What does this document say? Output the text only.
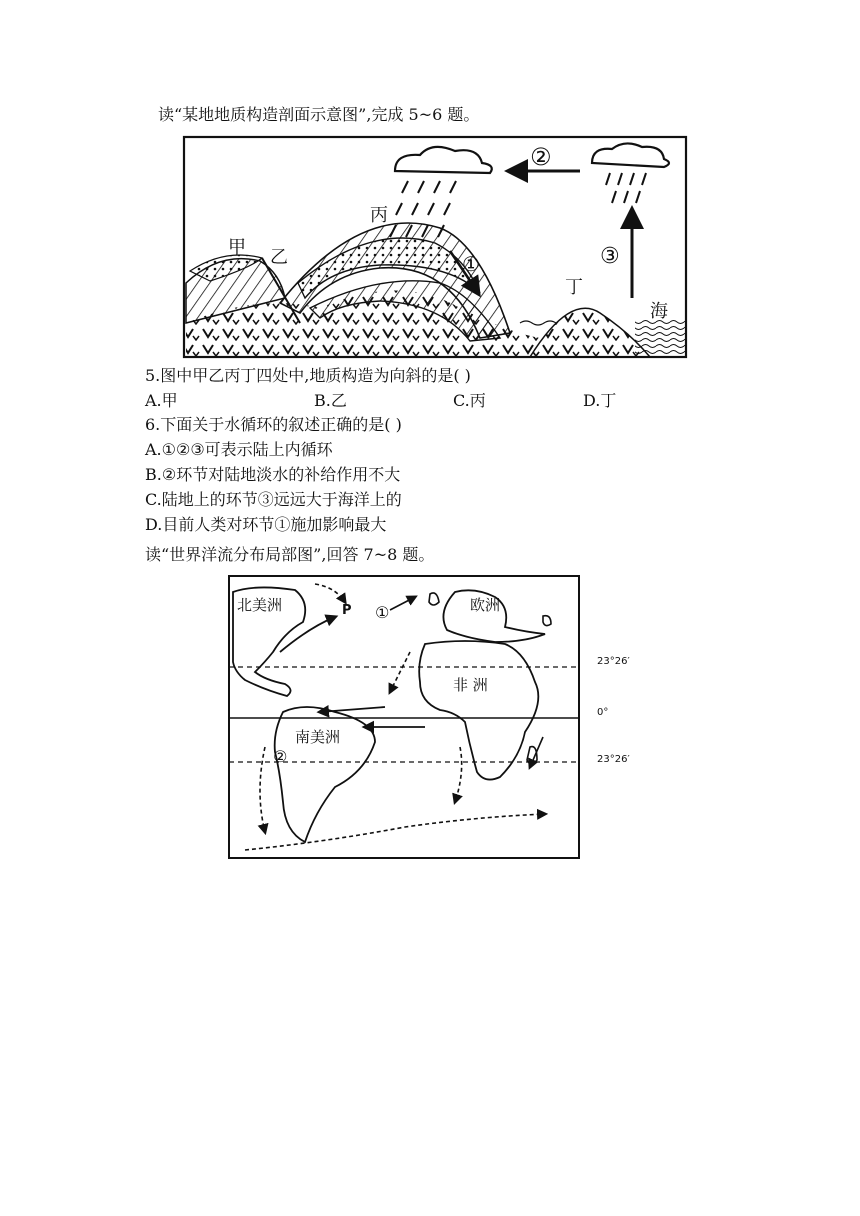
读“某地地质构造剖面示意图”,完成 5~6 题。
甲 乙
丙
丁
海
①
②
③
5.图中甲乙丙丁四处中,地质构造为向斜的是( )
A.甲	B.乙	C.丙	D.丁
6.下面关于水循环的叙述正确的是( )
A.①②③可表示陆上内循环
B.②环节对陆地淡水的补给作用不大
C.陆地上的环节③远远大于海洋上的
D.目前人类对环节①施加影响最大
读“世界洋流分布局部图”,回答 7~8 题。
北美洲	欧洲
非 洲
南美洲
P ①
②
23°26′
0°
23°26′
